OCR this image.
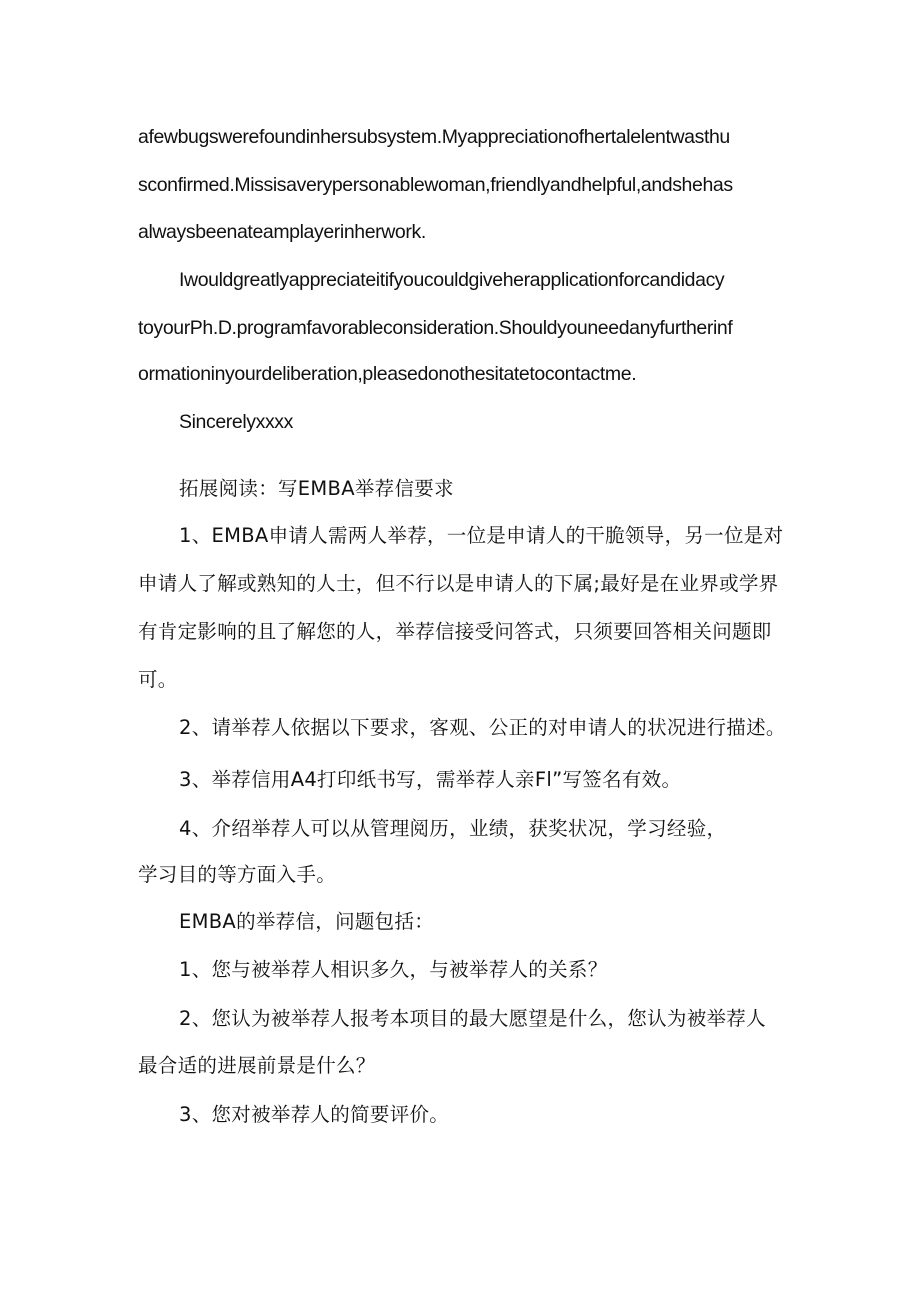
afewbugswerefoundinhersubsystem.Myappreciationofhertalelentwasthu
sconfirmed.Missisaverypersonablewoman,friendlyandhelpful,andshehas
alwaysbeenateamplayerinherwork.
Iwouldgreatlyappreciateitifyoucouldgiveherapplicationforcandidacy
toyourPh.D.programfavorableconsideration.Shouldyouneedanyfurtherinf
ormationinyourdeliberation,pleasedonothesitatetocontactme.
Sincerelyxxxx
拓展阅读：写EMBA举荐信要求
1、EMBA申请人需两人举荐，一位是申请人的干脆领导，另一位是对
申请人了解或熟知的人士，但不行以是申请人的下属;最好是在业界或学界
有肯定影响的且了解您的人，举荐信接受问答式，只须要回答相关问题即
可。
2、请举荐人依据以下要求，客观、公正的对申请人的状况进行描述。
3、举荐信用A4打印纸书写，需举荐人亲Fl”写签名有效。
4、介绍举荐人可以从管理阅历，业绩，获奖状况，学习经验，
学习目的等方面入手。
EMBA的举荐信，问题包括：
1、您与被举荐人相识多久，与被举荐人的关系？
2、您认为被举荐人报考本项目的最大愿望是什么，您认为被举荐人
最合适的进展前景是什么？
3、您对被举荐人的简要评价。
